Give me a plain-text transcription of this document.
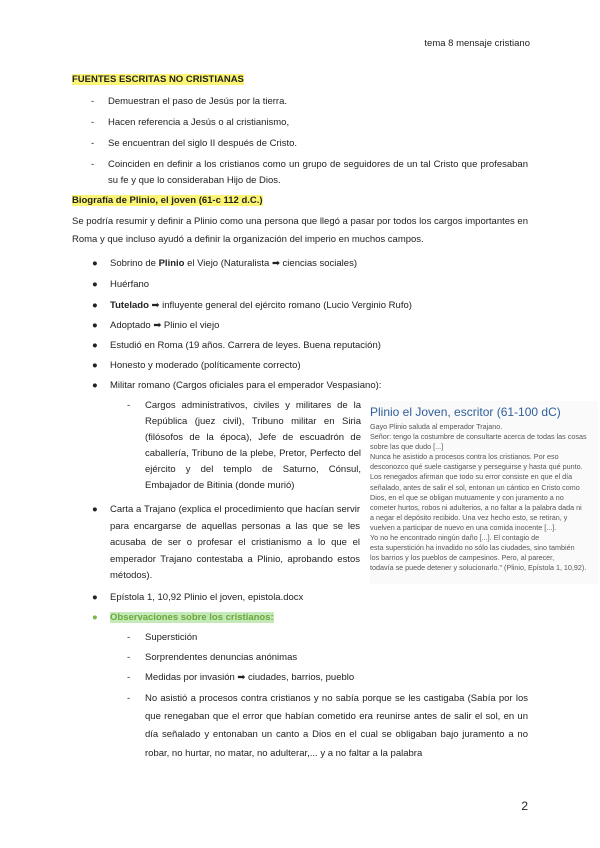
tema 8 mensaje cristiano
FUENTES ESCRITAS NO CRISTIANAS
- Demuestran el paso de Jesús por la tierra.
- Hacen referencia a Jesús o al cristianismo,
- Se encuentran del siglo II después de Cristo.
- Coinciden en definir a los cristianos como un grupo de seguidores de un tal Cristo que profesaban su fe y que lo consideraban Hijo de Dios.
Biografía de Plinio, el joven (61-c 112 d.C.)

Se podría resumir y definir a Plinio como una persona que llegó a pasar por todos los cargos importantes en Roma y que incluso ayudó a definir la organización del imperio en muchos campos.

● Sobrino de Plinio el Viejo (Naturalista ➡ ciencias sociales)
● Huérfano
● Tutelado ➡ influyente general del ejército romano (Lucio Verginio Rufo)
● Adoptado ➡ Plinio el viejo
● Estudió en Roma (19 años. Carrera de leyes. Buena reputación)
● Honesto y moderado (políticamente correcto)
● Militar romano (Cargos oficiales para el emperador Vespasiano):
- Cargos administrativos, civiles y militares de la República (juez civil), Tribuno militar en Siria (filósofos de la época), Jefe de escuadrón de caballería, Tribuno de la plebe, Pretor, Perfecto del ejército y del templo de Saturno, Cónsul, Embajador de Bitinia (donde murió)
● Carta a Trajano (explica el procedimiento que hacían servir para encargarse de aquellas personas a las que se les acusaba de ser o profesar el cristianismo a lo que el emperador Trajano contestaba a Plinio, aprobando estos métodos).
● Epístola 1, 10,92 Plinio el joven, epistola.docx
● Observaciones sobre los cristianos:
- Superstición
- Sorprendentes denuncias anónimas
- Medidas por invasión ➡ ciudades, barrios, pueblo
- No asistió a procesos contra cristianos y no sabía porque se les castigaba (Sabía por los que renegaban que el error que habían cometido era reunirse antes de salir el sol, en un día señalado y entonaban un canto a Dios en el cual se obligaban bajo juramento a no robar, no hurtar, no matar, no adulterar,... y a no faltar a la palabra
Plinio el Joven, escritor (61-100 dC)
Gayo Plinio saluda al emperador Trajano.
Señor: tengo la costumbre de consultarte acerca de todas las cosas
sobre las que dudo [...]
Nunca he asistido a procesos contra los cristianos. Por eso
desconozco qué suele castigarse y perseguirse y hasta qué punto.
Los renegados afirman que todo su error consiste en que el día
señalado, antes de salir el sol, entonan un cántico en Cristo como
Dios, en el que se obligan mutuamente y con juramento a no
cometer hurtos, robos ni adulterios, a no faltar a la palabra dada ni
a negar el depósito recibido. Una vez hecho esto, se retiran, y
vuelven a participar de nuevo en una comida inocente [...].
Yo no he encontrado ningún daño [...]. El contagio de
esta superstición ha invadido no sólo las ciudades, sino también
los barrios y los pueblos de campesinos. Pero, al parecer,
todavía se puede detener y solucionarlo." (Plinio, Epístola 1, 10,92).
2
